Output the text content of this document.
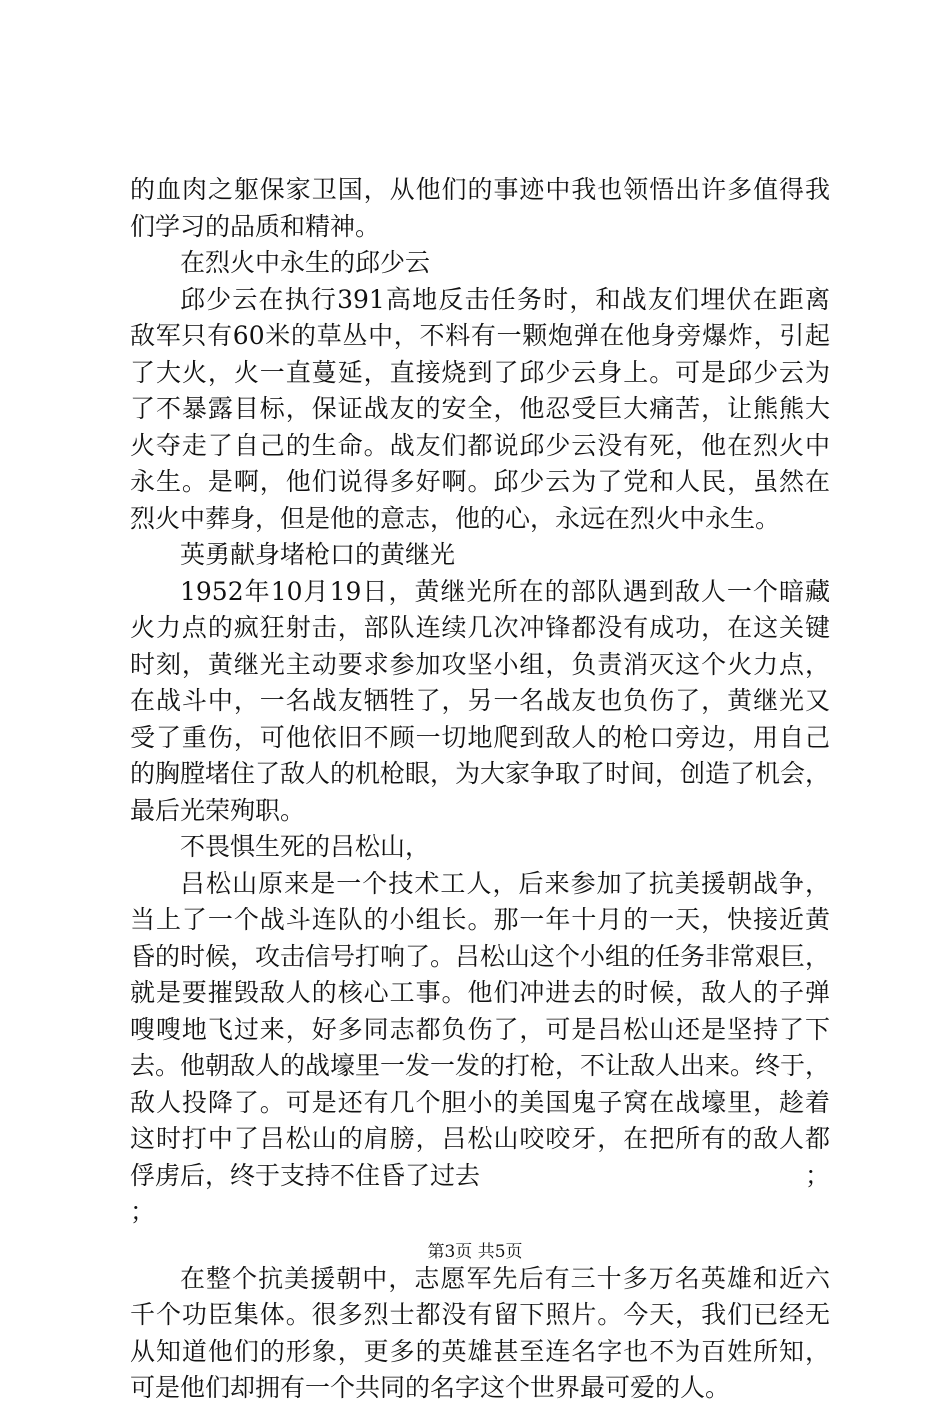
的血肉之躯保家卫国，从他们的事迹中我也领悟出许多值得我
们学习的品质和精神。
在烈火中永生的邱少云
邱少云在执行391高地反击任务时，和战友们埋伏在距离
敌军只有60米的草丛中，不料有一颗炮弹在他身旁爆炸，引起
了大火，火一直蔓延，直接烧到了邱少云身上。可是邱少云为
了不暴露目标，保证战友的安全，他忍受巨大痛苦，让熊熊大
火夺走了自己的生命。战友们都说邱少云没有死，他在烈火中
永生。是啊，他们说得多好啊。邱少云为了党和人民，虽然在
烈火中葬身，但是他的意志，他的心，永远在烈火中永生。
英勇献身堵枪口的黄继光
1952年10月19日，黄继光所在的部队遇到敌人一个暗藏
火力点的疯狂射击，部队连续几次冲锋都没有成功，在这关键
时刻，黄继光主动要求参加攻坚小组，负责消灭这个火力点，
在战斗中，一名战友牺牲了，另一名战友也负伤了，黄继光又
受了重伤，可他依旧不顾一切地爬到敌人的枪口旁边，用自己
的胸膛堵住了敌人的机枪眼，为大家争取了时间，创造了机会，
最后光荣殉职。
不畏惧生死的吕松山，
吕松山原来是一个技术工人，后来参加了抗美援朝战争，
当上了一个战斗连队的小组长。那一年十月的一天，快接近黄
昏的时候，攻击信号打响了。吕松山这个小组的任务非常艰巨，
就是要摧毁敌人的核心工事。他们冲进去的时候，敌人的子弹
嗖嗖地飞过来，好多同志都负伤了，可是吕松山还是坚持了下
去。他朝敌人的战壕里一发一发的打枪，不让敌人出来。终于，
敌人投降了。可是还有几个胆小的美国鬼子窝在战壕里，趁着
这时打中了吕松山的肩膀，吕松山咬咬牙，在把所有的敌人都
俘虏后，终于支持不住昏了过去	；
；
在整个抗美援朝中，志愿军先后有三十多万名英雄和近六
千个功臣集体。很多烈士都没有留下照片。今天，我们已经无
从知道他们的形象，更多的英雄甚至连名字也不为百姓所知，
可是他们却拥有一个共同的名字这个世界最可爱的人。
第3页 共5页
